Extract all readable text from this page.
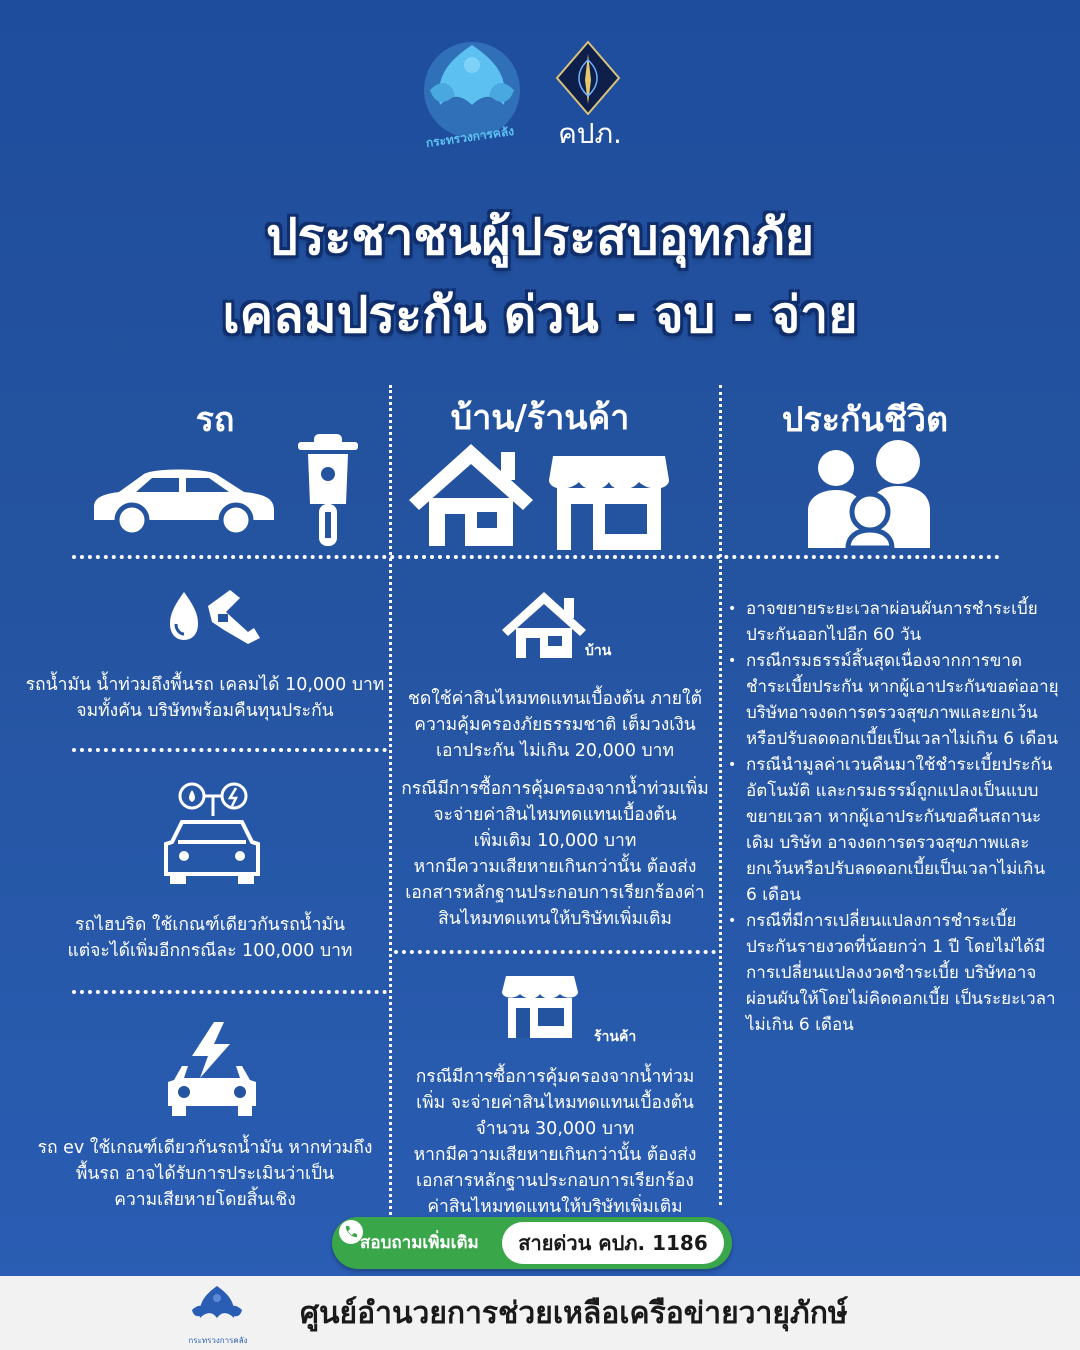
กระทรวงการคลัง	คปภ.
ประชาชนผู้ประสบอุทกภัย
เคลมประกัน ด่วน - จบ - จ่าย
รถ	บ้าน/ร้านค้า	ประกันชีวิต
รถน้ำมัน น้ำท่วมถึงพื้นรถ เคลมได้ 10,000 บาท
จมทั้งคัน บริษัทพร้อมคืนทุนประกัน
รถไฮบริด ใช้เกณฑ์เดียวกันรถน้ำมัน
แต่จะได้เพิ่มอีกกรณีละ 100,000 บาท
รถ ev ใช้เกณฑ์เดียวกันรถน้ำมัน หากท่วมถึง
พื้นรถ อาจได้รับการประเมินว่าเป็น
ความเสียหายโดยสิ้นเชิง
บ้าน
ชดใช้ค่าสินไหมทดแทนเบื้องต้น ภายใต้
ความคุ้มครองภัยธรรมชาติ เต็มวงเงิน
เอาประกัน ไม่เกิน 20,000 บาท
กรณีมีการซื้อการคุ้มครองจากน้ำท่วมเพิ่ม
จะจ่ายค่าสินไหมทดแทนเบื้องต้น
เพิ่มเติม 10,000 บาท
หากมีความเสียหายเกินกว่านั้น ต้องส่ง
เอกสารหลักฐานประกอบการเรียกร้องค่า
สินไหมทดแทนให้บริษัทเพิ่มเติม
ร้านค้า
กรณีมีการซื้อการคุ้มครองจากน้ำท่วม
เพิ่ม จะจ่ายค่าสินไหมทดแทนเบื้องต้น
จำนวน 30,000 บาท
หากมีความเสียหายเกินกว่านั้น ต้องส่ง
เอกสารหลักฐานประกอบการเรียกร้อง
ค่าสินไหมทดแทนให้บริษัทเพิ่มเติม
• อาจขยายระยะเวลาผ่อนผันการชำระเบี้ย
ประกันออกไปอีก 60 วัน
• กรณีกรมธรรม์สิ้นสุดเนื่องจากการขาด
ชำระเบี้ยประกัน หากผู้เอาประกันขอต่ออายุ
บริษัทอาจงดการตรวจสุขภาพและยกเว้น
หรือปรับลดดอกเบี้ยเป็นเวลาไม่เกิน 6 เดือน
• กรณีนำมูลค่าเวนคืนมาใช้ชำระเบี้ยประกัน
อัตโนมัติ และกรมธรรม์ถูกแปลงเป็นแบบ
ขยายเวลา หากผู้เอาประกันขอคืนสถานะ
เดิม บริษัท อาจงดการตรวจสุขภาพและ
ยกเว้นหรือปรับลดดอกเบี้ยเป็นเวลาไม่เกิน
6 เดือน
• กรณีที่มีการเปลี่ยนแปลงการชำระเบี้ย
ประกันรายงวดที่น้อยกว่า 1 ปี โดยไม่ได้มี
การเปลี่ยนแปลงงวดชำระเบี้ย บริษัทอาจ
ผ่อนผันให้โดยไม่คิดดอกเบี้ย เป็นระยะเวลา
ไม่เกิน 6 เดือน
สอบถามเพิ่มเติม	สายด่วน คปภ. 1186
กระทรวงการคลัง
ศูนย์อำนวยการช่วยเหลือเครือข่ายวายุภักษ์
